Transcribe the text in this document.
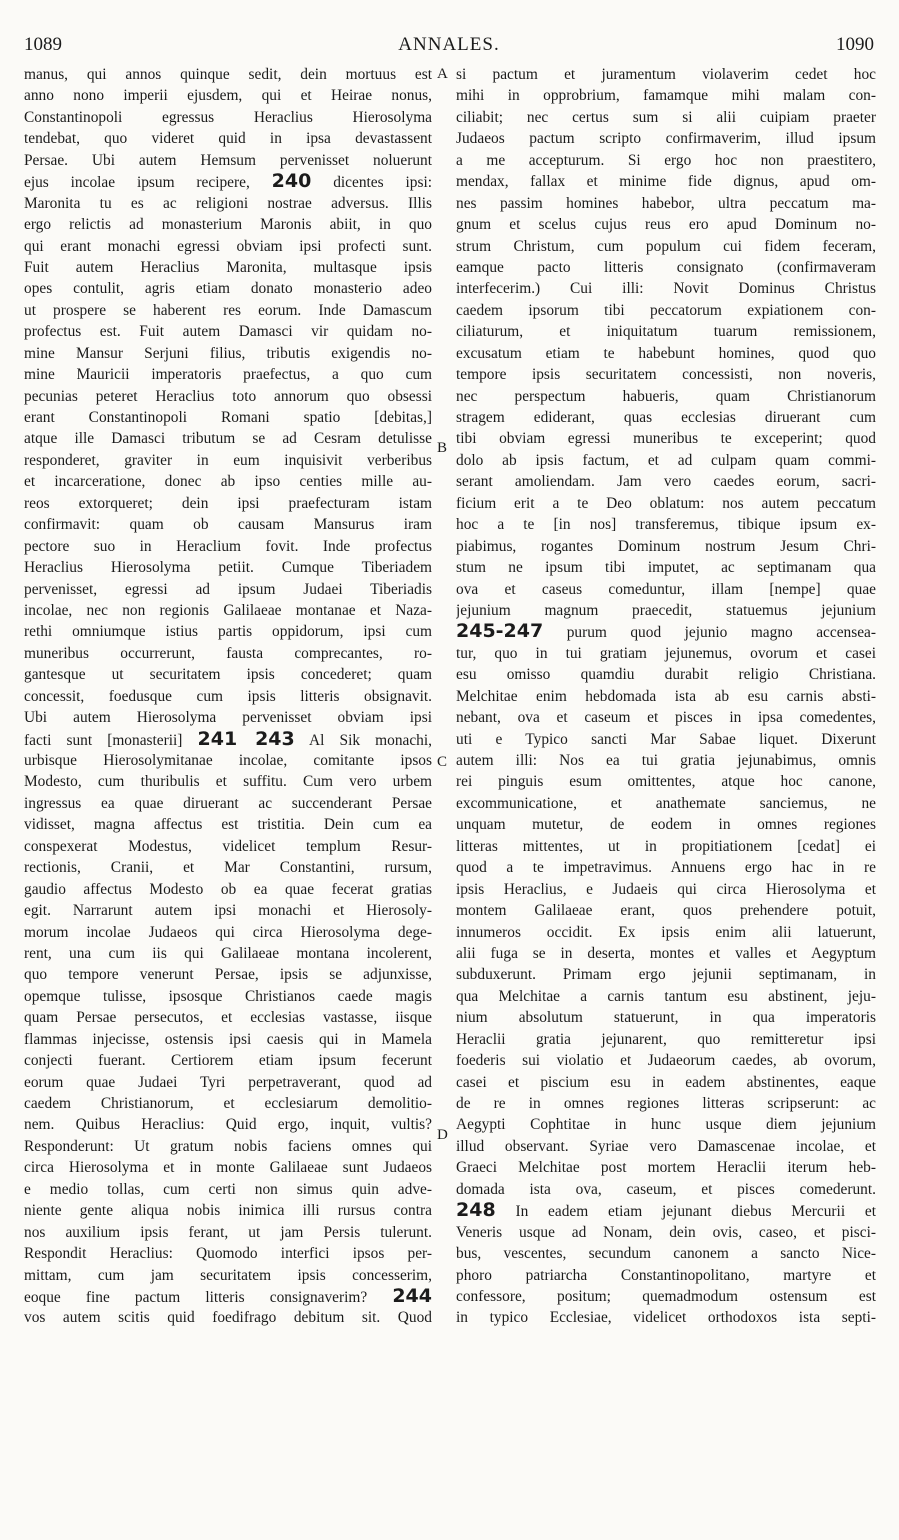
1089	ANNALES.	1090
manus, qui annos quinque sedit, dein mortuus est
anno nono imperii ejusdem, qui et Heirae nonus,
Constantinopoli egressus Heraclius Hierosolyma
tendebat, quo videret quid in ipsa devastassent
Persae. Ubi autem Hemsum pervenisset noluerunt
ejus incolae ipsum recipere, 240 dicentes ipsi:
Maronita tu es ac religioni nostrae adversus. Illis
ergo relictis ad monasterium Maronis abiit, in quo
qui erant monachi egressi obviam ipsi profecti sunt.
Fuit autem Heraclius Maronita, multasque ipsis
opes contulit, agris etiam donato monasterio adeo
ut prospere se haberent res eorum. Inde Damascum
profectus est. Fuit autem Damasci vir quidam no-
mine Mansur Serjuni filius, tributis exigendis no-
mine Mauricii imperatoris praefectus, a quo cum
pecunias peteret Heraclius toto annorum quo obsessi
erant Constantinopoli Romani spatio [debitas,]
atque ille Damasci tributum se ad Cesram detulisse
responderet, graviter in eum inquisivit verberibus
et incarceratione, donec ab ipso centies mille au-
reos extorqueret; dein ipsi praefecturam istam
confirmavit: quam ob causam Mansurus iram
pectore suo in Heraclium fovit. Inde profectus
Heraclius Hierosolyma petiit. Cumque Tiberiadem
pervenisset, egressi ad ipsum Judaei Tiberiadis
incolae, nec non regionis Galilaeae montanae et Naza-
rethi omniumque istius partis oppidorum, ipsi cum
muneribus occurrerunt, fausta comprecantes, ro-
gantesque ut securitatem ipsis concederet; quam
concessit, foedusque cum ipsis litteris obsignavit.
Ubi autem Hierosolyma pervenisset obviam ipsi
facti sunt [monasterii] 241 243 Al Sik monachi,
urbisque Hierosolymitanae incolae, comitante ipsos
Modesto, cum thuribulis et suffitu. Cum vero urbem
ingressus ea quae diruerant ac succenderant Persae
vidisset, magna affectus est tristitia. Dein cum ea
conspexerat Modestus, videlicet templum Resur-
rectionis, Cranii, et Mar Constantini, rursum,
gaudio affectus Modesto ob ea quae fecerat gratias
egit. Narrarunt autem ipsi monachi et Hierosoly-
morum incolae Judaeos qui circa Hierosolyma dege-
rent, una cum iis qui Galilaeae montana incolerent,
quo tempore venerunt Persae, ipsis se adjunxisse,
opemque tulisse, ipsosque Christianos caede magis
quam Persae persecutos, et ecclesias vastasse, iisque
flammas injecisse, ostensis ipsi caesis qui in Mamela
conjecti fuerant. Certiorem etiam ipsum fecerunt
eorum quae Judaei Tyri perpetraverant, quod ad
caedem Christianorum, et ecclesiarum demolitio-
nem. Quibus Heraclius: Quid ergo, inquit, vultis?
Responderunt: Ut gratum nobis faciens omnes qui
circa Hierosolyma et in monte Galilaeae sunt Judaeos
e medio tollas, cum certi non simus quin adve-
niente gente aliqua nobis inimica illi rursus contra
nos auxilium ipsis ferant, ut jam Persis tulerunt.
Respondit Heraclius: Quomodo interfici ipsos per-
mittam, cum jam securitatem ipsis concesserim,
eoque fine pactum litteris consignaverim? 244
vos autem scitis quid foedifrago debitum sit. Quod
si pactum et juramentum violaverim cedet hoc
mihi in opprobrium, famamque mihi malam con-
ciliabit; nec certus sum si alii cuipiam praeter
Judaeos pactum scripto confirmaverim, illud ipsum
a me accepturum. Si ergo hoc non praestitero,
mendax, fallax et minime fide dignus, apud om-
nes passim homines habebor, ultra peccatum ma-
gnum et scelus cujus reus ero apud Dominum no-
strum Christum, cum populum cui fidem feceram,
eamque pacto litteris consignato (confirmaveram
interfecerim.) Cui illi: Novit Dominus Christus
caedem ipsorum tibi peccatorum expiationem con-
ciliaturum, et iniquitatum tuarum remissionem,
excusatum etiam te habebunt homines, quod quo
tempore ipsis securitatem concessisti, non noveris,
nec perspectum habueris, quam Christianorum
stragem ediderant, quas ecclesias diruerant cum
tibi obviam egressi muneribus te exceperint; quod
dolo ab ipsis factum, et ad culpam quam commi-
serant amoliendam. Jam vero caedes eorum, sacri-
ficium erit a te Deo oblatum: nos autem peccatum
hoc a te [in nos] transferemus, tibique ipsum ex-
piabimus, rogantes Dominum nostrum Jesum Chri-
stum ne ipsum tibi imputet, ac septimanam qua
ova et caseus comeduntur, illam [nempe] quae
jejunium magnum praecedit, statuemus jejunium
245-247 purum quod jejunio magno accensea-
tur, quo in tui gratiam jejunemus, ovorum et casei
esu omisso quamdiu durabit religio Christiana.
Melchitae enim hebdomada ista ab esu carnis absti-
nebant, ova et caseum et pisces in ipsa comedentes,
uti e Typico sancti Mar Sabae liquet. Dixerunt
autem illi: Nos ea tui gratia jejunabimus, omnis
rei pinguis esum omittentes, atque hoc canone,
excommunicatione, et anathemate sanciemus, ne
unquam mutetur, de eodem in omnes regiones
litteras mittentes, ut in propitiationem [cedat] ei
quod a te impetravimus. Annuens ergo hac in re
ipsis Heraclius, e Judaeis qui circa Hierosolyma et
montem Galilaeae erant, quos prehendere potuit,
innumeros occidit. Ex ipsis enim alii latuerunt,
alii fuga se in deserta, montes et valles et Aegyptum
subduxerunt. Primam ergo jejunii septimanam, in
qua Melchitae a carnis tantum esu abstinent, jeju-
nium absolutum statuerunt, in qua imperatoris
Heraclii gratia jejunarent, quo remitteretur ipsi
foederis sui violatio et Judaeorum caedes, ab ovorum,
casei et piscium esu in eadem abstinentes, eaque
de re in omnes regiones litteras scripserunt: ac
Aegypti Cophtitae in hunc usque diem jejunium
illud observant. Syriae vero Damascenae incolae, et
Graeci Melchitae post mortem Heraclii iterum heb-
domada ista ova, caseum, et pisces comederunt.
248 In eadem etiam jejunant diebus Mercurii et
Veneris usque ad Nonam, dein ovis, caseo, et pisci-
bus, vescentes, secundum canonem a sancto Nice-
phoro patriarcha Constantinopolitano, martyre et
confessore, positum; quemadmodum ostensum est
in typico Ecclesiae, videlicet orthodoxos ista septi-
A
B
C
D
